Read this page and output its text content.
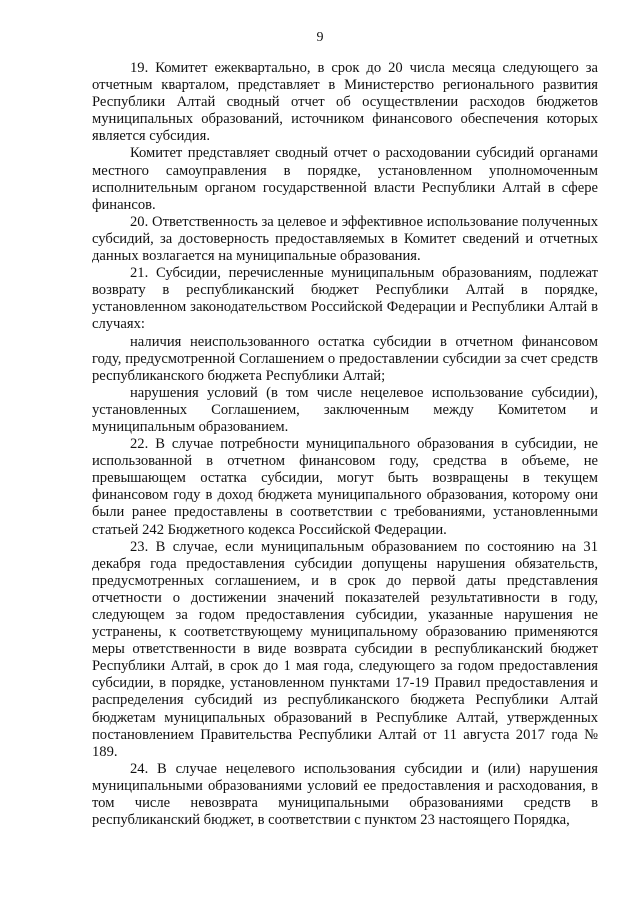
9

19. Комитет ежеквартально, в срок до 20 числа месяца следующего за отчетным кварталом, представляет в Министерство регионального развития Республики Алтай сводный отчет об осуществлении расходов бюджетов муниципальных образований, источником финансового обеспечения которых является субсидия.

Комитет представляет сводный отчет о расходовании субсидий органами местного самоуправления в порядке, установленном уполномоченным исполнительным органом государственной власти Республики Алтай в сфере финансов.

20. Ответственность за целевое и эффективное использование полученных субсидий, за достоверность предоставляемых в Комитет сведений и отчетных данных возлагается на муниципальные образования.

21. Субсидии, перечисленные муниципальным образованиям, подлежат возврату в республиканский бюджет Республики Алтай в порядке, установленном законодательством Российской Федерации и Республики Алтай в случаях:

наличия неиспользованного остатка субсидии в отчетном финансовом году, предусмотренной Соглашением о предоставлении субсидии за счет средств республиканского бюджета Республики Алтай;

нарушения условий (в том числе нецелевое использование субсидии), установленных Соглашением, заключенным между Комитетом и муниципальным образованием.

22. В случае потребности муниципального образования в субсидии, не использованной в отчетном финансовом году, средства в объеме, не превышающем остатка субсидии, могут быть возвращены в текущем финансовом году в доход бюджета муниципального образования, которому они были ранее предоставлены в соответствии с требованиями, установленными статьей 242 Бюджетного кодекса Российской Федерации.

23. В случае, если муниципальным образованием по состоянию на 31 декабря года предоставления субсидии допущены нарушения обязательств, предусмотренных соглашением, и в срок до первой даты представления отчетности о достижении значений показателей результативности в году, следующем за годом предоставления субсидии, указанные нарушения не устранены, к соответствующему муниципальному образованию применяются меры ответственности в виде возврата субсидии в республиканский бюджет Республики Алтай, в срок до 1 мая года, следующего за годом предоставления субсидии, в порядке, установленном пунктами 17-19 Правил предоставления и распределения субсидий из республиканского бюджета Республики Алтай бюджетам муниципальных образований в Республике Алтай, утвержденных постановлением Правительства Республики Алтай от 11 августа 2017 года № 189.

24. В случае нецелевого использования субсидии и (или) нарушения муниципальными образованиями условий ее предоставления и расходования, в том числе невозврата муниципальными образованиями средств в республиканский бюджет, в соответствии с пунктом 23 настоящего Порядка,
